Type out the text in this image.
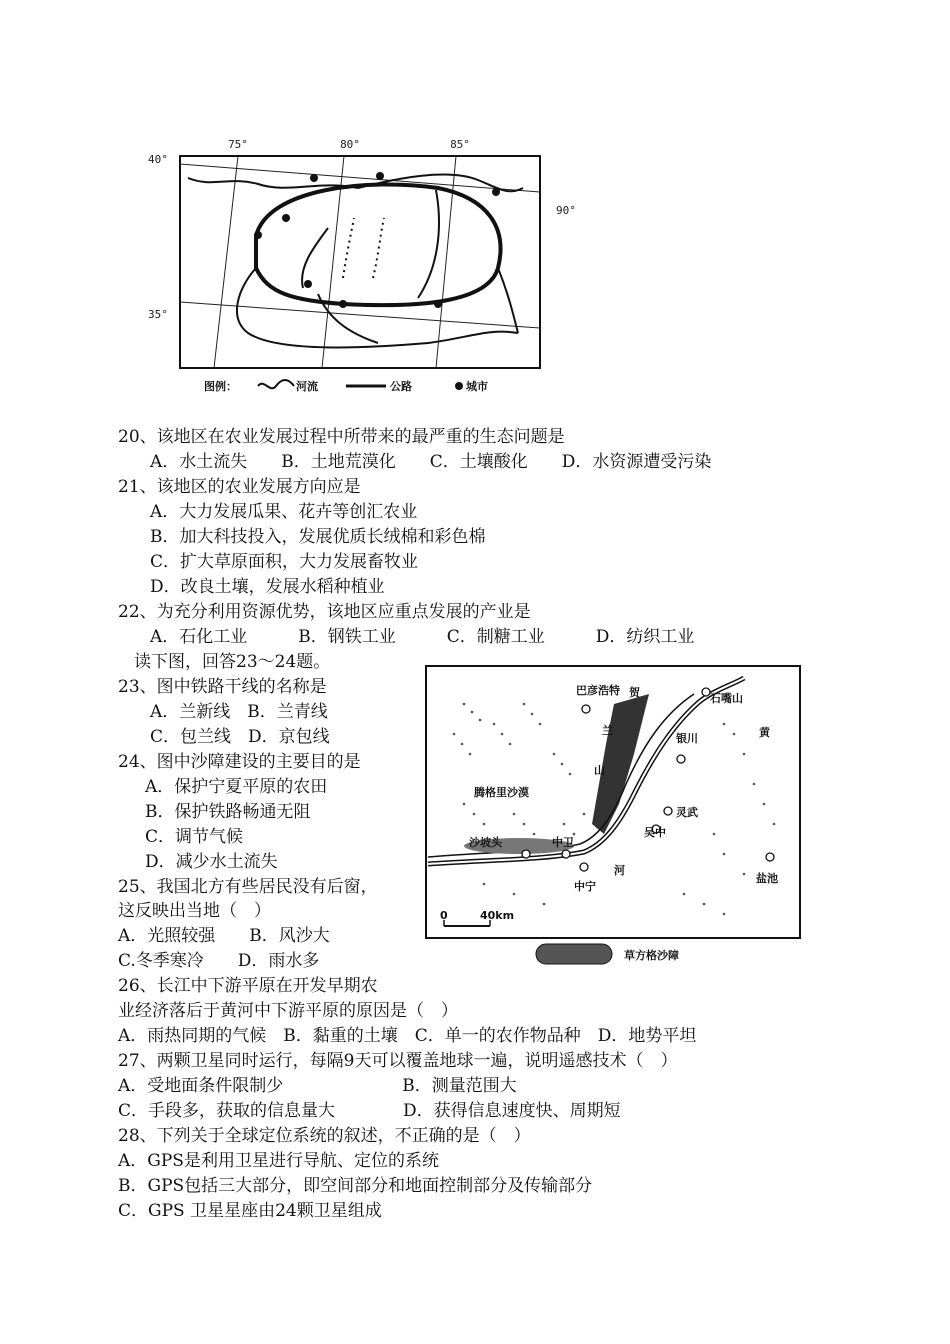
75°	80°	85°
90°
40°
35°
图例：	河流	公路	城市
巴彦浩特 贺
兰
山
石嘴山
黄
银川
腾格里沙漠
灵武
吴中
沙坡头	中卫
河
中宁
盐池
0	40km
草方格沙障
20、该地区在农业发展过程中所带来的最严重的生态问题是
A．水土流失　　B．土地荒漠化　　C．土壤酸化　　D．水资源遭受污染
21、该地区的农业发展方向应是
A．大力发展瓜果、花卉等创汇农业
B．加大科技投入，发展优质长绒棉和彩色棉
C．扩大草原面积，大力发展畜牧业
D．改良土壤，发展水稻种植业
22、为充分利用资源优势，该地区应重点发展的产业是
A．石化工业　　　B．钢铁工业　　　C．制糖工业　　　D．纺织工业
读下图，回答23～24题。
23、图中铁路干线的名称是
A．兰新线　B．兰青线
C．包兰线　D．京包线
24、图中沙障建设的主要目的是
A．保护宁夏平原的农田
B．保护铁路畅通无阻
C．调节气候
D．减少水土流失
25、我国北方有些居民没有后窗，
这反映出当地（　）
A．光照较强　　B．风沙大
C.冬季寒冷　　D．雨水多
26、长江中下游平原在开发早期农
业经济落后于黄河中下游平原的原因是（　）
A．雨热同期的气候　B．黏重的土壤　C．单一的农作物品种　D．地势平坦
27、两颗卫星同时运行，每隔9天可以覆盖地球一遍，说明遥感技术（　）
A．受地面条件限制少　　　　　　　B．测量范围大
C．手段多，获取的信息量大　　　　D．获得信息速度快、周期短
28、下列关于全球定位系统的叙述，不正确的是（　）
A．GPS是利用卫星进行导航、定位的系统
B．GPS包括三大部分，即空间部分和地面控制部分及传输部分
C．GPS 卫星星座由24颗卫星组成
